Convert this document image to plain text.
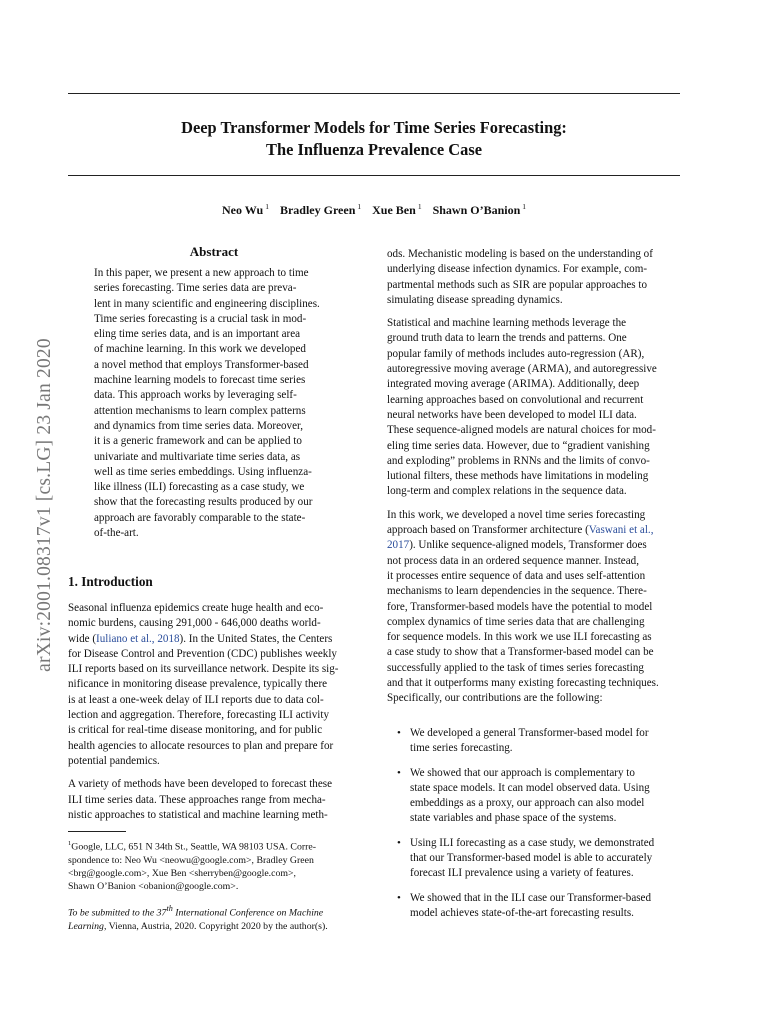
arXiv:2001.08317v1 [cs.LG] 23 Jan 2020
Deep Transformer Models for Time Series Forecasting:
The Influenza Prevalence Case
Neo Wu $^1$ Bradley Green $^1$ Xue Ben $^1$ Shawn O’Banion $^1$
Abstract
In this paper, we present a new approach to time
series forecasting. Time series data are preva-
lent in many scientific and engineering disciplines.
Time series forecasting is a crucial task in mod-
eling time series data, and is an important area
of machine learning. In this work we developed
a novel method that employs Transformer-based
machine learning models to forecast time series
data. This approach works by leveraging self-
attention mechanisms to learn complex patterns
and dynamics from time series data. Moreover,
it is a generic framework and can be applied to
univariate and multivariate time series data, as
well as time series embeddings. Using influenza-
like illness (ILI) forecasting as a case study, we
show that the forecasting results produced by our
approach are favorably comparable to the state-
of-the-art.
1. Introduction
Seasonal influenza epidemics create huge health and eco-
nomic burdens, causing 291,000 - 646,000 deaths world-
wide (Iuliano et al., 2018). In the United States, the Centers
for Disease Control and Prevention (CDC) publishes weekly
ILI reports based on its surveillance network. Despite its sig-
nificance in monitoring disease prevalence, typically there
is at least a one-week delay of ILI reports due to data col-
lection and aggregation. Therefore, forecasting ILI activity
is critical for real-time disease monitoring, and for public
health agencies to allocate resources to plan and prepare for
potential pandemics.
A variety of methods have been developed to forecast these
ILI time series data. These approaches range from mecha-
nistic approaches to statistical and machine learning meth-
$^1$Google, LLC, 651 N 34th St., Seattle, WA 98103 USA. Corre-
spondence to: Neo Wu <neowu@google.com>, Bradley Green
<brg@google.com>, Xue Ben <sherryben@google.com>,
Shawn O’Banion <obanion@google.com>.
To be submitted to the 37th International Conference on Machine
Learning, Vienna, Austria, 2020. Copyright 2020 by the author(s).
ods. Mechanistic modeling is based on the understanding of
underlying disease infection dynamics. For example, com-
partmental methods such as SIR are popular approaches to
simulating disease spreading dynamics.
Statistical and machine learning methods leverage the
ground truth data to learn the trends and patterns. One
popular family of methods includes auto-regression (AR),
autoregressive moving average (ARMA), and autoregressive
integrated moving average (ARIMA). Additionally, deep
learning approaches based on convolutional and recurrent
neural networks have been developed to model ILI data.
These sequence-aligned models are natural choices for mod-
eling time series data. However, due to “gradient vanishing
and exploding” problems in RNNs and the limits of convo-
lutional filters, these methods have limitations in modeling
long-term and complex relations in the sequence data.
In this work, we developed a novel time series forecasting
approach based on Transformer architecture (Vaswani et al.,
2017). Unlike sequence-aligned models, Transformer does
not process data in an ordered sequence manner. Instead,
it processes entire sequence of data and uses self-attention
mechanisms to learn dependencies in the sequence. There-
fore, Transformer-based models have the potential to model
complex dynamics of time series data that are challenging
for sequence models. In this work we use ILI forecasting as
a case study to show that a Transformer-based model can be
successfully applied to the task of times series forecasting
and that it outperforms many existing forecasting techniques.
Specifically, our contributions are the following:
• We developed a general Transformer-based model for
time series forecasting.
• We showed that our approach is complementary to
state space models. It can model observed data. Using
embeddings as a proxy, our approach can also model
state variables and phase space of the systems.
• Using ILI forecasting as a case study, we demonstrated
that our Transformer-based model is able to accurately
forecast ILI prevalence using a variety of features.
• We showed that in the ILI case our Transformer-based
model achieves state-of-the-art forecasting results.
